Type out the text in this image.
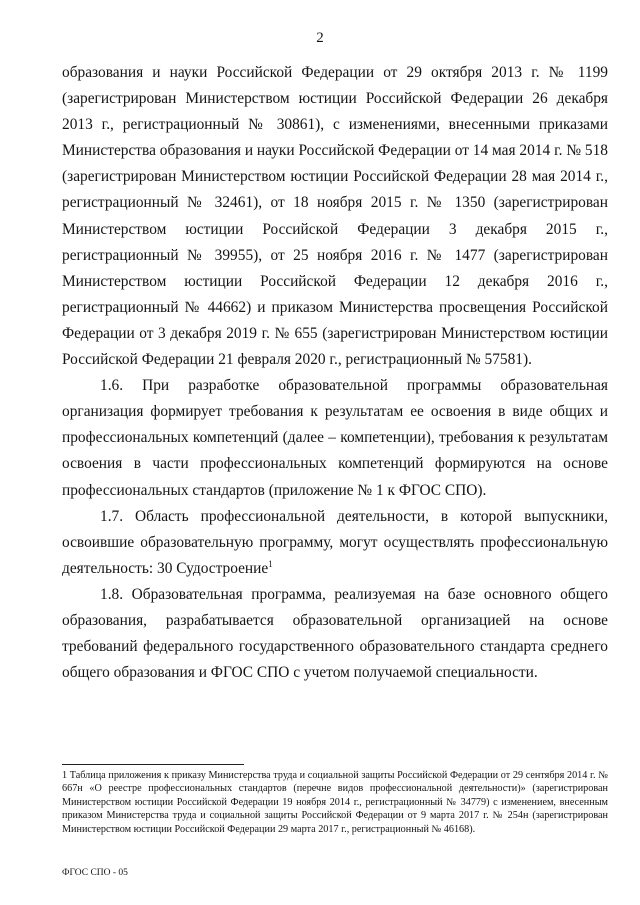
2

образования и науки Российской Федерации от 29 октября 2013 г. № 1199 (зарегистрирован Министерством юстиции Российской Федерации 26 декабря 2013 г., регистрационный № 30861), с изменениями, внесенными приказами Министерства образования и науки Российской Федерации от 14 мая 2014 г. № 518 (зарегистрирован Министерством юстиции Российской Федерации 28 мая 2014 г., регистрационный № 32461), от 18 ноября 2015 г. № 1350 (зарегистрирован Министерством юстиции Российской Федерации 3 декабря 2015 г., регистрационный № 39955), от 25 ноября 2016 г. № 1477 (зарегистрирован Министерством юстиции Российской Федерации 12 декабря 2016 г., регистрационный № 44662) и приказом Министерства просвещения Российской Федерации от 3 декабря 2019 г. № 655 (зарегистрирован Министерством юстиции Российской Федерации 21 февраля 2020 г., регистрационный № 57581).

1.6. При разработке образовательной программы образовательная организация формирует требования к результатам ее освоения в виде общих и профессиональных компетенций (далее – компетенции), требования к результатам освоения в части профессиональных компетенций формируются на основе профессиональных стандартов (приложение № 1 к ФГОС СПО).

1.7. Область профессиональной деятельности, в которой выпускники, освоившие образовательную программу, могут осуществлять профессиональную деятельность: 30 Судостроение$^1$

1.8. Образовательная программа, реализуемая на базе основного общего образования, разрабатывается образовательной организацией на основе требований федерального государственного образовательного стандарта среднего общего образования и ФГОС СПО с учетом получаемой специальности.

1 Таблица приложения к приказу Министерства труда и социальной защиты Российской Федерации от 29 сентября 2014 г. № 667н «О реестре профессиональных стандартов (перечне видов профессиональной деятельности)» (зарегистрирован Министерством юстиции Российской Федерации 19 ноября 2014 г., регистрационный № 34779) с изменением, внесенным приказом Министерства труда и социальной защиты Российской Федерации от 9 марта 2017 г. № 254н (зарегистрирован Министерством юстиции Российской Федерации 29 марта 2017 г., регистрационный № 46168).
ФГОС СПО - 05
